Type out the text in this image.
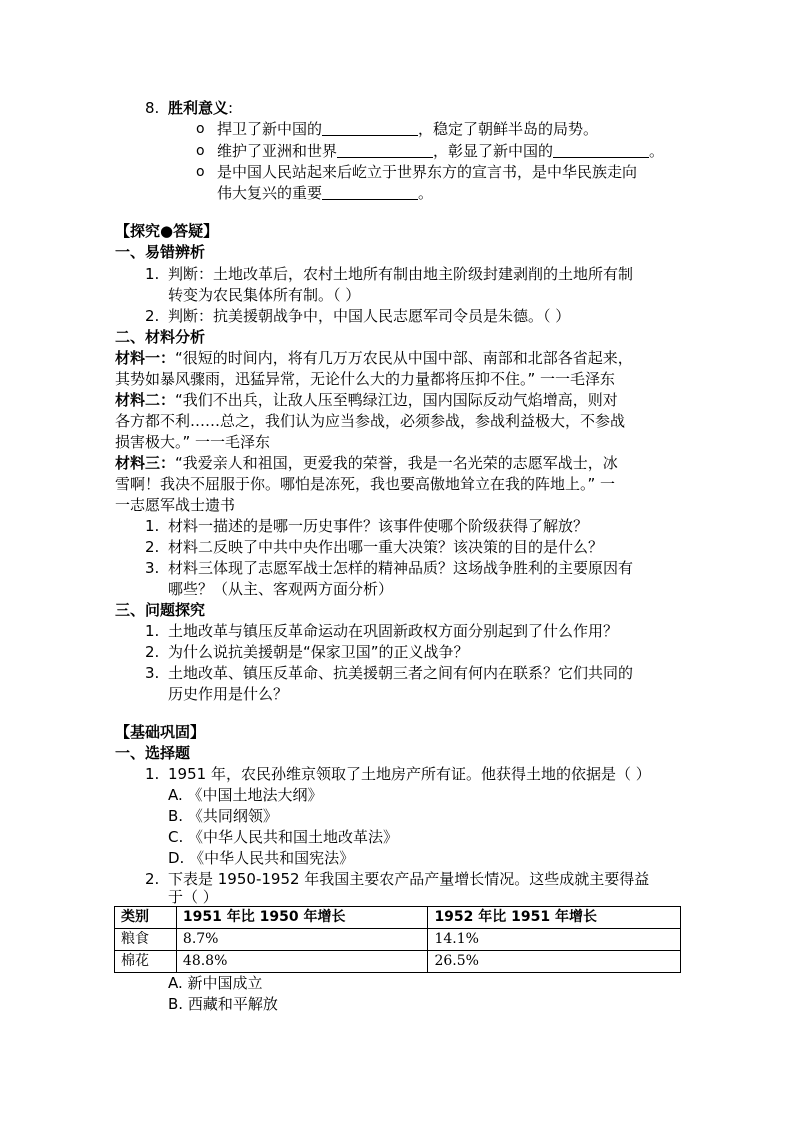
8. 胜利意义:
o 捍卫了新中国的	，稳定了朝鲜半岛的局势。
o 维护了亚洲和世界	，彰显了新中国的	。
o 是中国人民站起来后屹立于世界东方的宣言书，是中华民族走向
伟大复兴的重要	。
【探究●答疑】
一、易错辨析
1. 判断：土地改革后，农村土地所有制由地主阶级封建剥削的土地所有制
转变为农民集体所有制。（ ）
2. 判断：抗美援朝战争中，中国人民志愿军司令员是朱德。（ ）
二、材料分析
材料一：“很短的时间内，将有几万万农民从中国中部、南部和北部各省起来，
其势如暴风骤雨，迅猛异常，无论什么大的力量都将压抑不住。” 一一毛泽东
材料二：“我们不出兵，让敌人压至鸭绿江边，国内国际反动气焰增高，则对
各方都不利……总之，我们认为应当参战，必须参战，参战利益极大，不参战
损害极大。” 一一毛泽东
材料三：“我爱亲人和祖国，更爱我的荣誉，我是一名光荣的志愿军战士，冰
雪啊！我决不屈服于你。哪怕是冻死，我也要高傲地耸立在我的阵地上。” 一
一志愿军战士遗书
1. 材料一描述的是哪一历史事件？该事件使哪个阶级获得了解放？
2. 材料二反映了中共中央作出哪一重大决策？该决策的目的是什么？
3. 材料三体现了志愿军战士怎样的精神品质？这场战争胜利的主要原因有
哪些？（从主、客观两方面分析）
三、问题探究
1. 土地改革与镇压反革命运动在巩固新政权方面分别起到了什么作用？
2. 为什么说抗美援朝是“保家卫国”的正义战争？
3. 土地改革、镇压反革命、抗美援朝三者之间有何内在联系？它们共同的
历史作用是什么？
【基础巩固】
一、选择题
1. 1951 年，农民孙维京领取了土地房产所有证。他获得土地的依据是（ ）
A. 《中国土地法大纲》
B. 《共同纲领》
C. 《中华人民共和国土地改革法》
D. 《中华人民共和国宪法》
2. 下表是 1950-1952 年我国主要农产品产量增长情况。这些成就主要得益
于（ ）
类别	1951 年比 1950 年增长	1952 年比 1951 年增长
粮食	8.7%	14.1%
棉花	48.8%	26.5%
A. 新中国成立
B. 西藏和平解放
